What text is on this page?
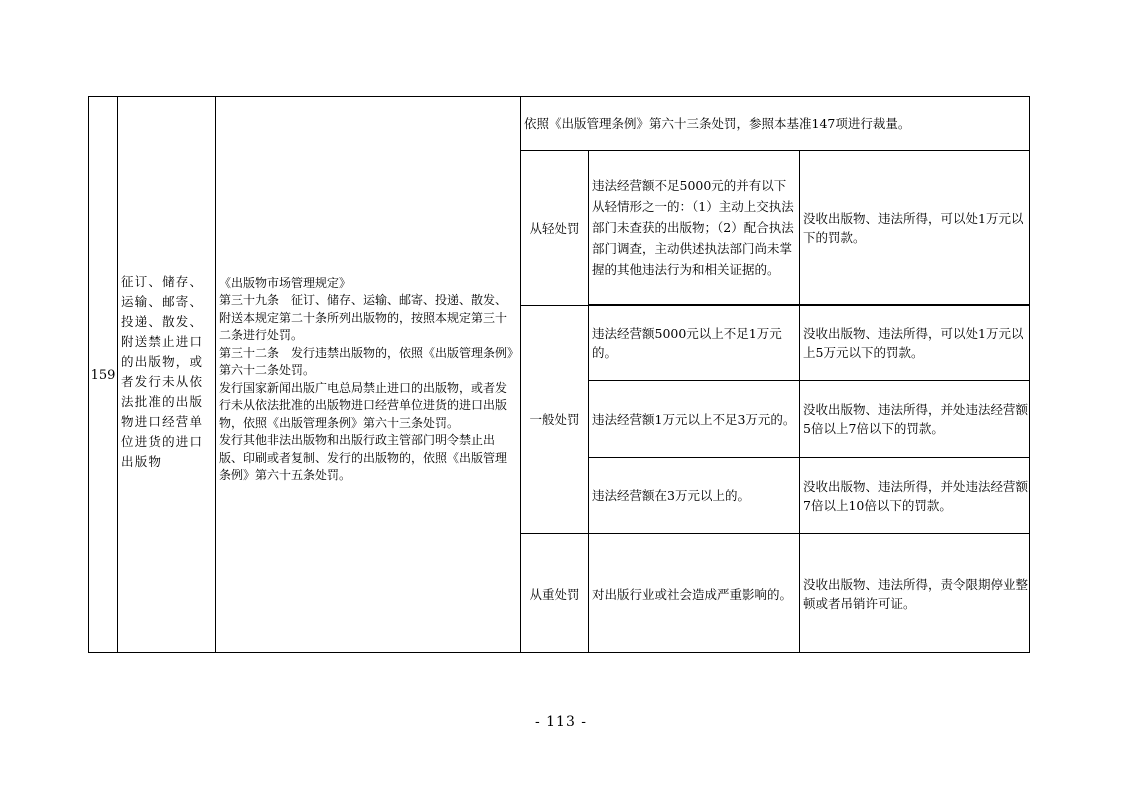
159
征订、储存、运输、邮寄、投递、散发、附送禁止进口的出版物，或者发行未从依法批准的出版物进口经营单位进货的进口出版物
《出版物市场管理规定》
第三十九条　征订、储存、运输、邮寄、投递、散发、附送本规定第二十条所列出版物的，按照本规定第三十二条进行处罚。
第三十二条　发行违禁出版物的，依照《出版管理条例》第六十二条处罚。
发行国家新闻出版广电总局禁止进口的出版物，或者发行未从依法批准的出版物进口经营单位进货的进口出版物，依照《出版管理条例》第六十三条处罚。
发行其他非法出版物和出版行政主管部门明令禁止出版、印刷或者复制、发行的出版物的，依照《出版管理条例》第六十五条处罚。
依照《出版管理条例》第六十三条处罚，参照本基准147项进行裁量。
从轻处罚
一般处罚
从重处罚
违法经营额不足5000元的并有以下从轻情形之一的：（1）主动上交执法部门未查获的出版物；（2）配合执法部门调查，主动供述执法部门尚未掌握的其他违法行为和相关证据的。
违法经营额5000元以上不足1万元的。
违法经营额1万元以上不足3万元的。
违法经营额在3万元以上的。
对出版行业或社会造成严重影响的。
没收出版物、违法所得，可以处1万元以下的罚款。
没收出版物、违法所得，可以处1万元以上5万元以下的罚款。
没收出版物、违法所得，并处违法经营额5倍以上7倍以下的罚款。
没收出版物、违法所得，并处违法经营额7倍以上10倍以下的罚款。
没收出版物、违法所得，责令限期停业整顿或者吊销许可证。
- 113 -
